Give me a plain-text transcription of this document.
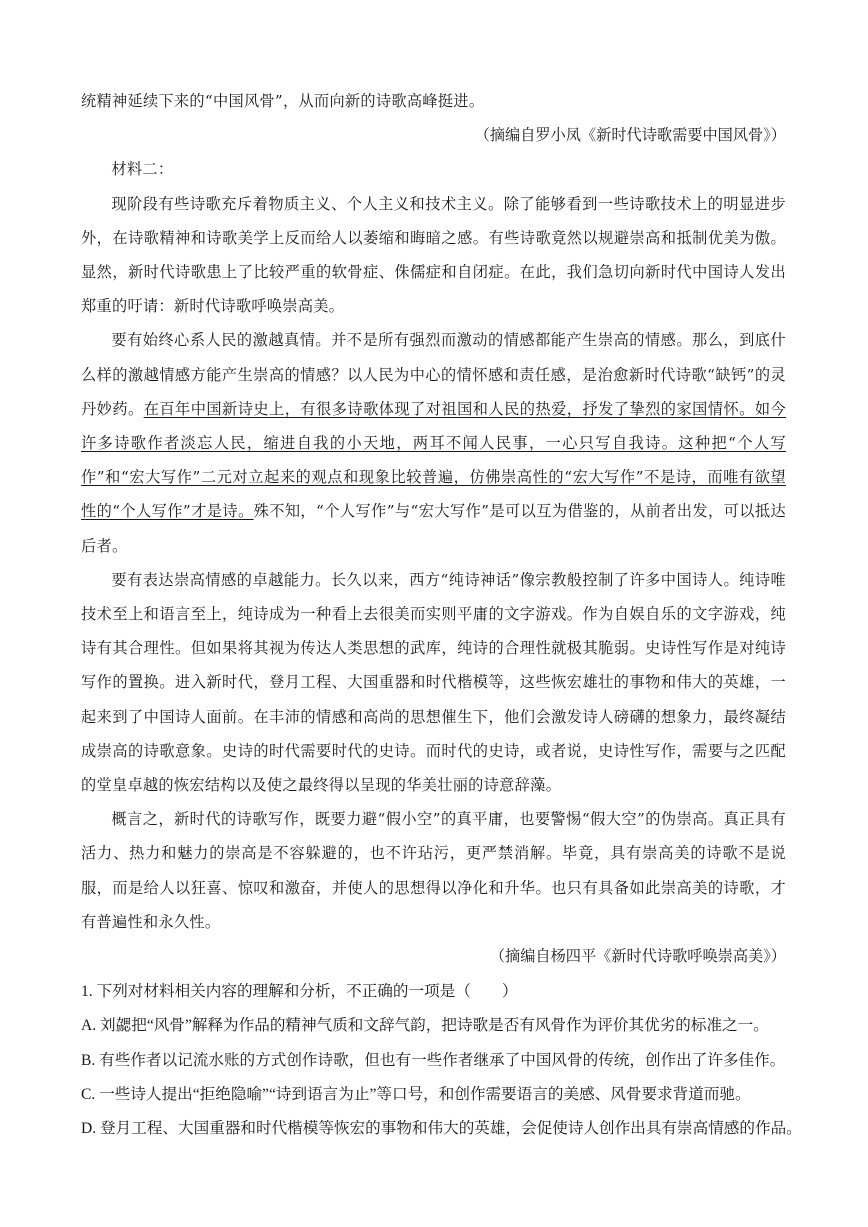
统精神延续下来的“中国风骨”，从而向新的诗歌高峰挺进。

（摘编自罗小凤《新时代诗歌需要中国风骨》）

材料二：

现阶段有些诗歌充斥着物质主义、个人主义和技术主义。除了能够看到一些诗歌技术上的明显进步外，在诗歌精神和诗歌美学上反而给人以萎缩和晦暗之感。有些诗歌竟然以规避崇高和抵制优美为傲。显然，新时代诗歌患上了比较严重的软骨症、侏儒症和自闭症。在此，我们急切向新时代中国诗人发出郑重的吁请：新时代诗歌呼唤崇高美。

要有始终心系人民的激越真情。并不是所有强烈而激动的情感都能产生崇高的情感。那么，到底什么样的激越情感方能产生崇高的情感？以人民为中心的情怀感和责任感，是治愈新时代诗歌“缺钙”的灵丹妙药。在百年中国新诗史上，有很多诗歌体现了对祖国和人民的热爱，抒发了挚烈的家国情怀。如今许多诗歌作者淡忘人民，缩进自我的小天地，两耳不闻人民事，一心只写自我诗。这种把“个人写作”和“宏大写作”二元对立起来的观点和现象比较普遍，仿佛崇高性的“宏大写作”不是诗，而唯有欲望性的“个人写作”才是诗。殊不知，“个人写作”与“宏大写作”是可以互为借鉴的，从前者出发，可以抵达后者。

要有表达崇高情感的卓越能力。长久以来，西方“纯诗神话”像宗教般控制了许多中国诗人。纯诗唯技术至上和语言至上，纯诗成为一种看上去很美而实则平庸的文字游戏。作为自娱自乐的文字游戏，纯诗有其合理性。但如果将其视为传达人类思想的武库，纯诗的合理性就极其脆弱。史诗性写作是对纯诗写作的置换。进入新时代，登月工程、大国重器和时代楷模等，这些恢宏雄壮的事物和伟大的英雄，一起来到了中国诗人面前。在丰沛的情感和高尚的思想催生下，他们会激发诗人磅礴的想象力，最终凝结成崇高的诗歌意象。史诗的时代需要时代的史诗。而时代的史诗，或者说，史诗性写作，需要与之匹配的堂皇卓越的恢宏结构以及使之最终得以呈现的华美壮丽的诗意辞藻。

概言之，新时代的诗歌写作，既要力避“假小空”的真平庸，也要警惕“假大空”的伪崇高。真正具有活力、热力和魅力的崇高是不容躲避的，也不许玷污，更严禁消解。毕竟，具有崇高美的诗歌不是说服，而是给人以狂喜、惊叹和激奋，并使人的思想得以净化和升华。也只有具备如此崇高美的诗歌，才有普遍性和永久性。

（摘编自杨四平《新时代诗歌呼唤崇高美》）

1. 下列对材料相关内容的理解和分析，不正确的一项是（　　）

A. 刘勰把“风骨”解释为作品的精神气质和文辞气韵，把诗歌是否有风骨作为评价其优劣的标准之一。

B. 有些作者以记流水账的方式创作诗歌，但也有一些作者继承了中国风骨的传统，创作出了许多佳作。

C. 一些诗人提出“拒绝隐喻”“诗到语言为止”等口号，和创作需要语言的美感、风骨要求背道而驰。

D. 登月工程、大国重器和时代楷模等恢宏的事物和伟大的英雄，会促使诗人创作出具有崇高情感的作品。
